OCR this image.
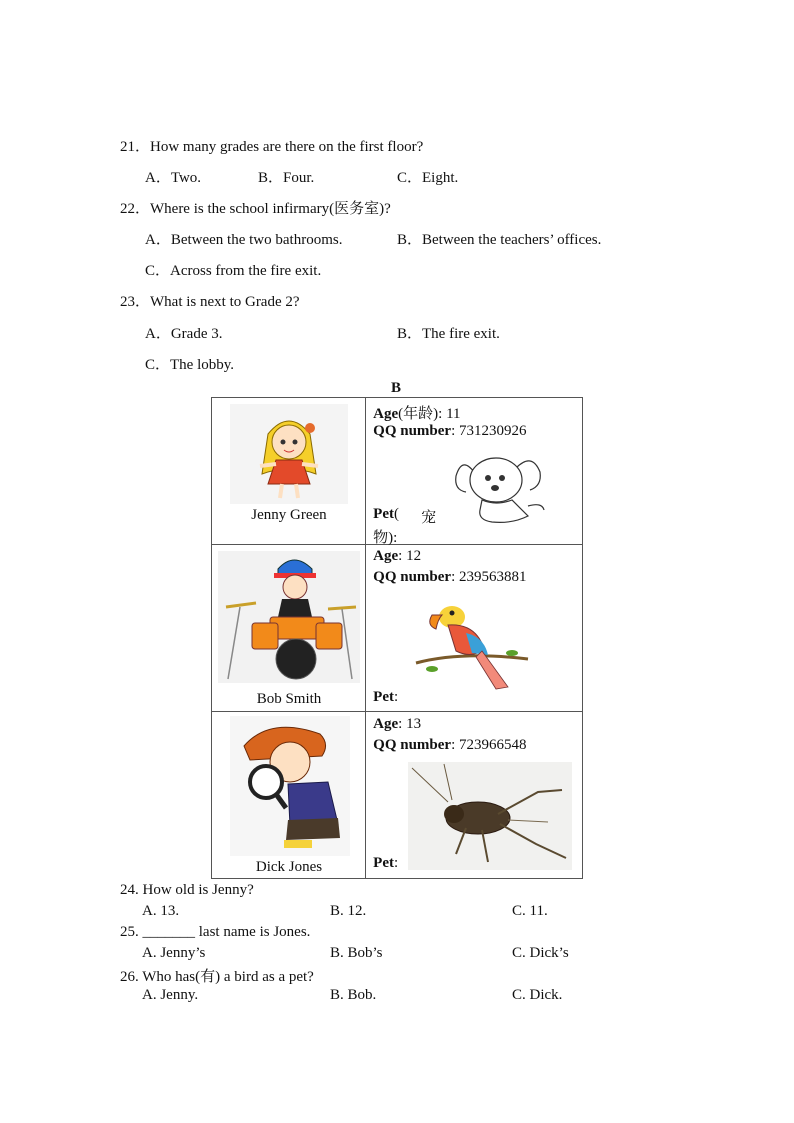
21．How many grades are there on the first floor?
A．Two.	B．Four.	C．Eight.
22．Where is the school infirmary(医务室)?
A．Between the two bathrooms.	B．Between the teachers’ offices.
C．Across from the fire exit.
23．What is next to Grade 2?
A．Grade 3.	B．The fire exit.
C．The lobby.
B
Jenny Green	Age(年龄): 11
QQ number: 731230926
Pet( 宠
物):

Bob Smith	Age: 12
QQ number: 239563881
Pet:

Dick Jones	Age: 13
QQ number: 723966548
Pet:
24. How old is Jenny?
A. 13.	B. 12.	C. 11.
25. _______ last name is Jones.
A. Jenny’s	B. Bob’s	C. Dick’s
26. Who has(有) a bird as a pet?
A. Jenny.	B. Bob.	C. Dick.
